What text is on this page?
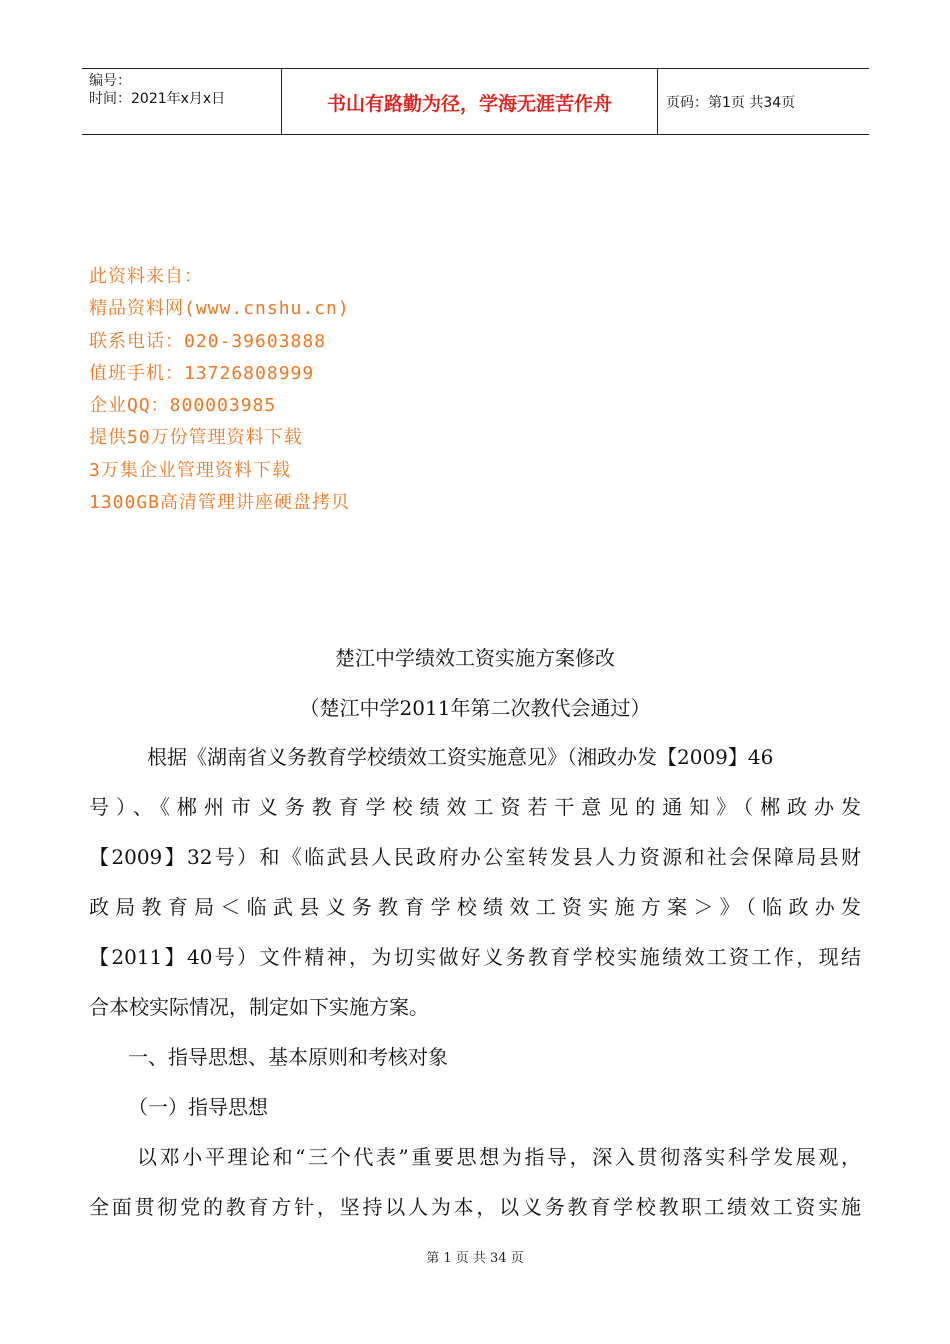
编号：
时间：2021年x月x日	书山有路勤为径，学海无涯苦作舟	页码：第1页 共34页
此资料来自：
精品资料网(www.cnshu.cn)
联系电话：020-39603888
值班手机：13726808999
企业QQ：800003985
提供50万份管理资料下载
3万集企业管理资料下载
1300GB高清管理讲座硬盘拷贝
楚江中学绩效工资实施方案修改
（楚江中学2011年第二次教代会通过）
根据《湖南省义务教育学校绩效工资实施意见》（湘政办发【2009】46
号）、《郴州市义务教育学校绩效工资若干意见的通知》（郴政办发
【2009】32号）和《临武县人民政府办公室转发县人力资源和社会保障局县财
政局教育局＜临武县义务教育学校绩效工资实施方案＞》（临政办发
【2011】40号）文件精神，为切实做好义务教育学校实施绩效工资工作，现结
合本校实际情况，制定如下实施方案。
一、指导思想、基本原则和考核对象
（一）指导思想
以邓小平理论和“三个代表”重要思想为指导，深入贯彻落实科学发展观，
全面贯彻党的教育方针，坚持以人为本，以义务教育学校教职工绩效工资实施
第 1 页 共 34 页
